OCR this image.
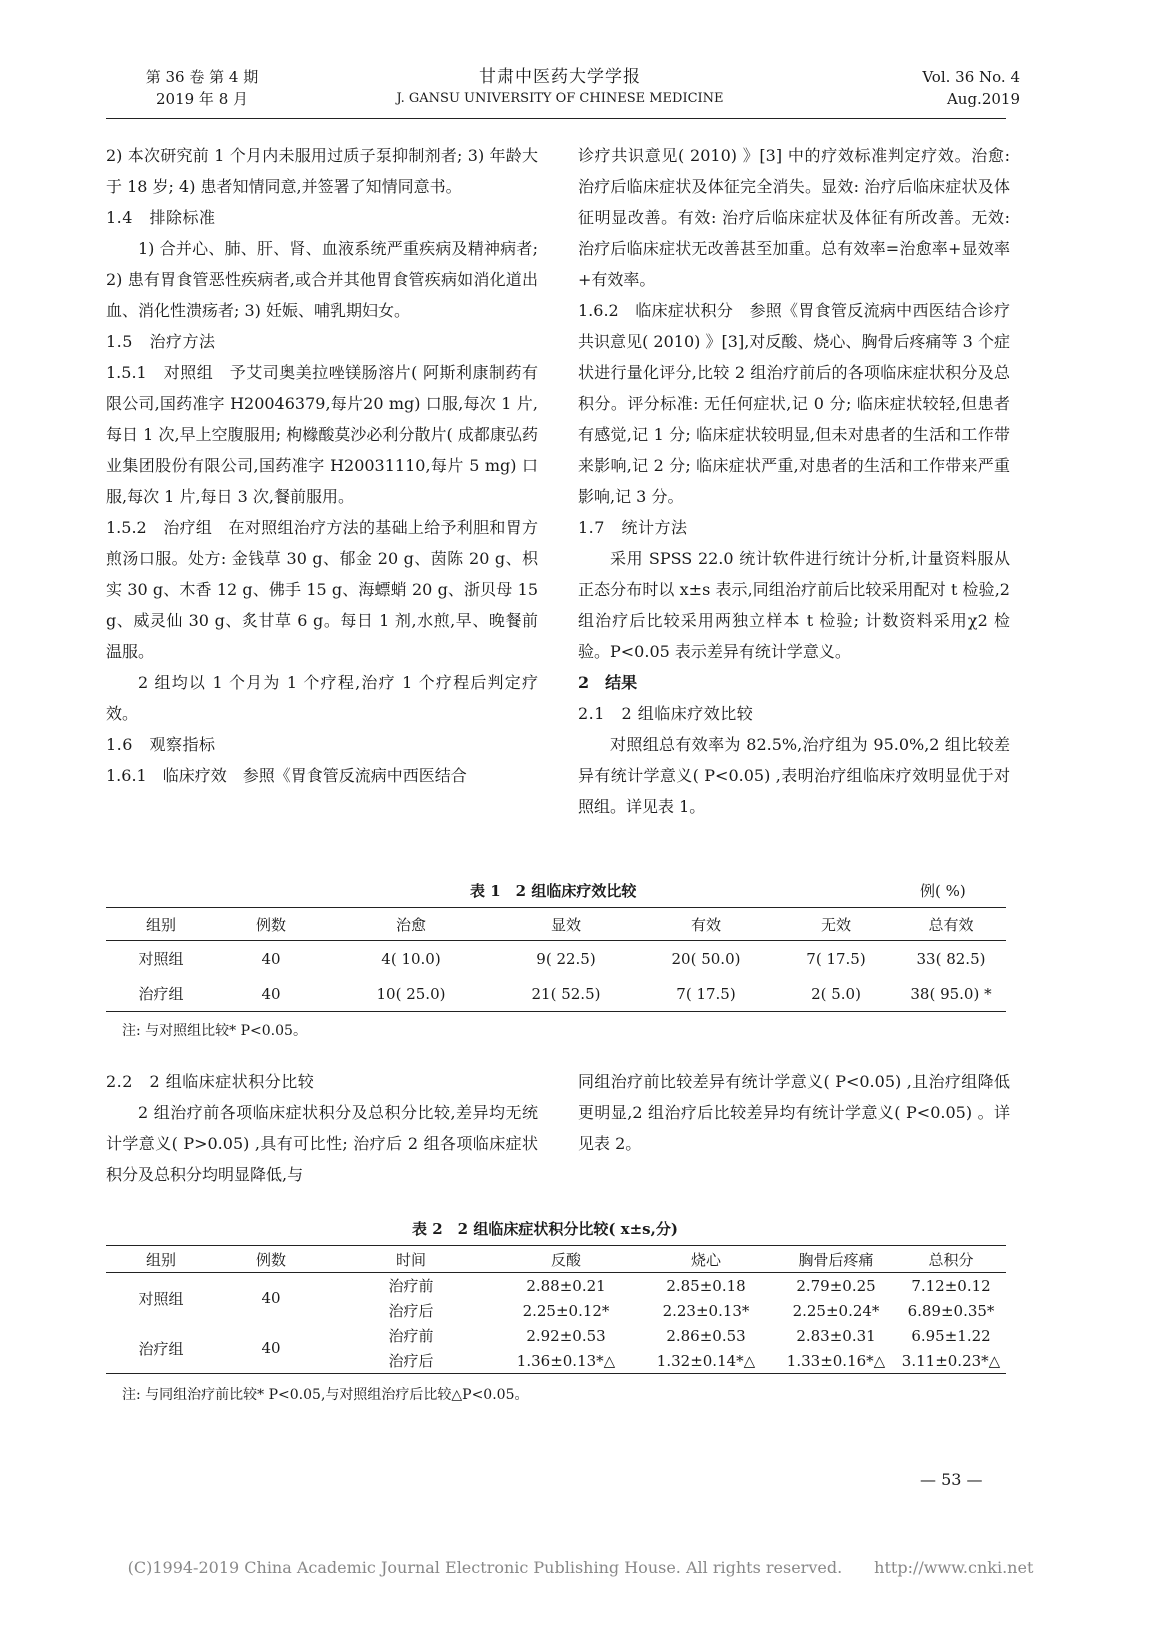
第 36 卷 第 4 期
2019 年 8 月
甘肃中医药大学学报
J. GANSU UNIVERSITY OF CHINESE MEDICINE
Vol. 36 No. 4
Aug.2019

2) 本次研究前 1 个月内未服用过质子泵抑制剂者; 3) 年龄大于 18 岁; 4) 患者知情同意,并签署了知情同意书。

1.4　排除标准

1) 合并心、肺、肝、肾、血液系统严重疾病及精神病者; 2) 患有胃食管恶性疾病者,或合并其他胃食管疾病如消化道出血、消化性溃疡者; 3) 妊娠、哺乳期妇女。

1.5　治疗方法

1.5.1　对照组　予艾司奥美拉唑镁肠溶片( 阿斯利康制药有限公司,国药准字 H20046379,每片20 mg) 口服,每次 1 片,每日 1 次,早上空腹服用; 枸橼酸莫沙必利分散片( 成都康弘药业集团股份有限公司,国药准字 H20031110,每片 5 mg) 口服,每次 1 片,每日 3 次,餐前服用。

1.5.2　治疗组　在对照组治疗方法的基础上给予利胆和胃方煎汤口服。处方: 金钱草 30 g、郁金 20 g、茵陈 20 g、枳实 30 g、木香 12 g、佛手 15 g、海螵蛸 20 g、浙贝母 15 g、威灵仙 30 g、炙甘草 6 g。每日 1 剂,水煎,早、晚餐前温服。

2 组均以 1 个月为 1 个疗程,治疗 1 个疗程后判定疗效。

1.6　观察指标

1.6.1　临床疗效　参照《胃食管反流病中西医结合

诊疗共识意见( 2010) 》[3] 中的疗效标准判定疗效。治愈: 治疗后临床症状及体征完全消失。显效: 治疗后临床症状及体征明显改善。有效: 治疗后临床症状及体征有所改善。无效: 治疗后临床症状无改善甚至加重。总有效率=治愈率+显效率+有效率。

1.6.2　临床症状积分　参照《胃食管反流病中西医结合诊疗共识意见( 2010) 》[3],对反酸、烧心、胸骨后疼痛等 3 个症状进行量化评分,比较 2 组治疗前后的各项临床症状积分及总积分。评分标准: 无任何症状,记 0 分; 临床症状较轻,但患者有感觉,记 1 分; 临床症状较明显,但未对患者的生活和工作带来影响,记 2 分; 临床症状严重,对患者的生活和工作带来严重影响,记 3 分。

1.7　统计方法

采用 SPSS 22.0 统计软件进行统计分析,计量资料服从正态分布时以 x±s 表示,同组治疗前后比较采用配对 t 检验,2 组治疗后比较采用两独立样本 t 检验; 计数资料采用χ2 检验。P<0.05 表示差异有统计学意义。

2　结果

2.1　2 组临床疗效比较

对照组总有效率为 82.5%,治疗组为 95.0%,2 组比较差异有统计学意义( P<0.05) ,表明治疗组临床疗效明显优于对照组。详见表 1。

表 1　2 组临床疗效比较	例( %)
组别	例数	治愈	显效	有效	无效	总有效
对照组	40	4( 10.0)	9( 22.5)	20( 50.0)	7( 17.5)	33( 82.5)
治疗组	40	10( 25.0)	21( 52.5)	7( 17.5)	2( 5.0)	38( 95.0) *
注: 与对照组比较* P<0.05。

2.2　2 组临床症状积分比较

2 组治疗前各项临床症状积分及总积分比较,差异均无统计学意义( P>0.05) ,具有可比性; 治疗后 2 组各项临床症状积分及总积分均明显降低,与

同组治疗前比较差异有统计学意义( P<0.05) ,且治疗组降低更明显,2 组治疗后比较差异均有统计学意义( P<0.05) 。详见表 2。

表 2　2 组临床症状积分比较( x±s,分)
组别	例数	时间	反酸	烧心	胸骨后疼痛	总积分
对照组	40	治疗前	2.88±0.21	2.85±0.18	2.79±0.25	7.12±0.12
		治疗后	2.25±0.12*	2.23±0.13*	2.25±0.24*	6.89±0.35*
治疗组	40	治疗前	2.92±0.53	2.86±0.53	2.83±0.31	6.95±1.22
		治疗后	1.36±0.13*△	1.32±0.14*△	1.33±0.16*△	3.11±0.23*△
注: 与同组治疗前比较* P<0.05,与对照组治疗后比较△P<0.05。
— 53 —
(C)1994-2019 China Academic Journal Electronic Publishing House. All rights reserved.　　http://www.cnki.net
